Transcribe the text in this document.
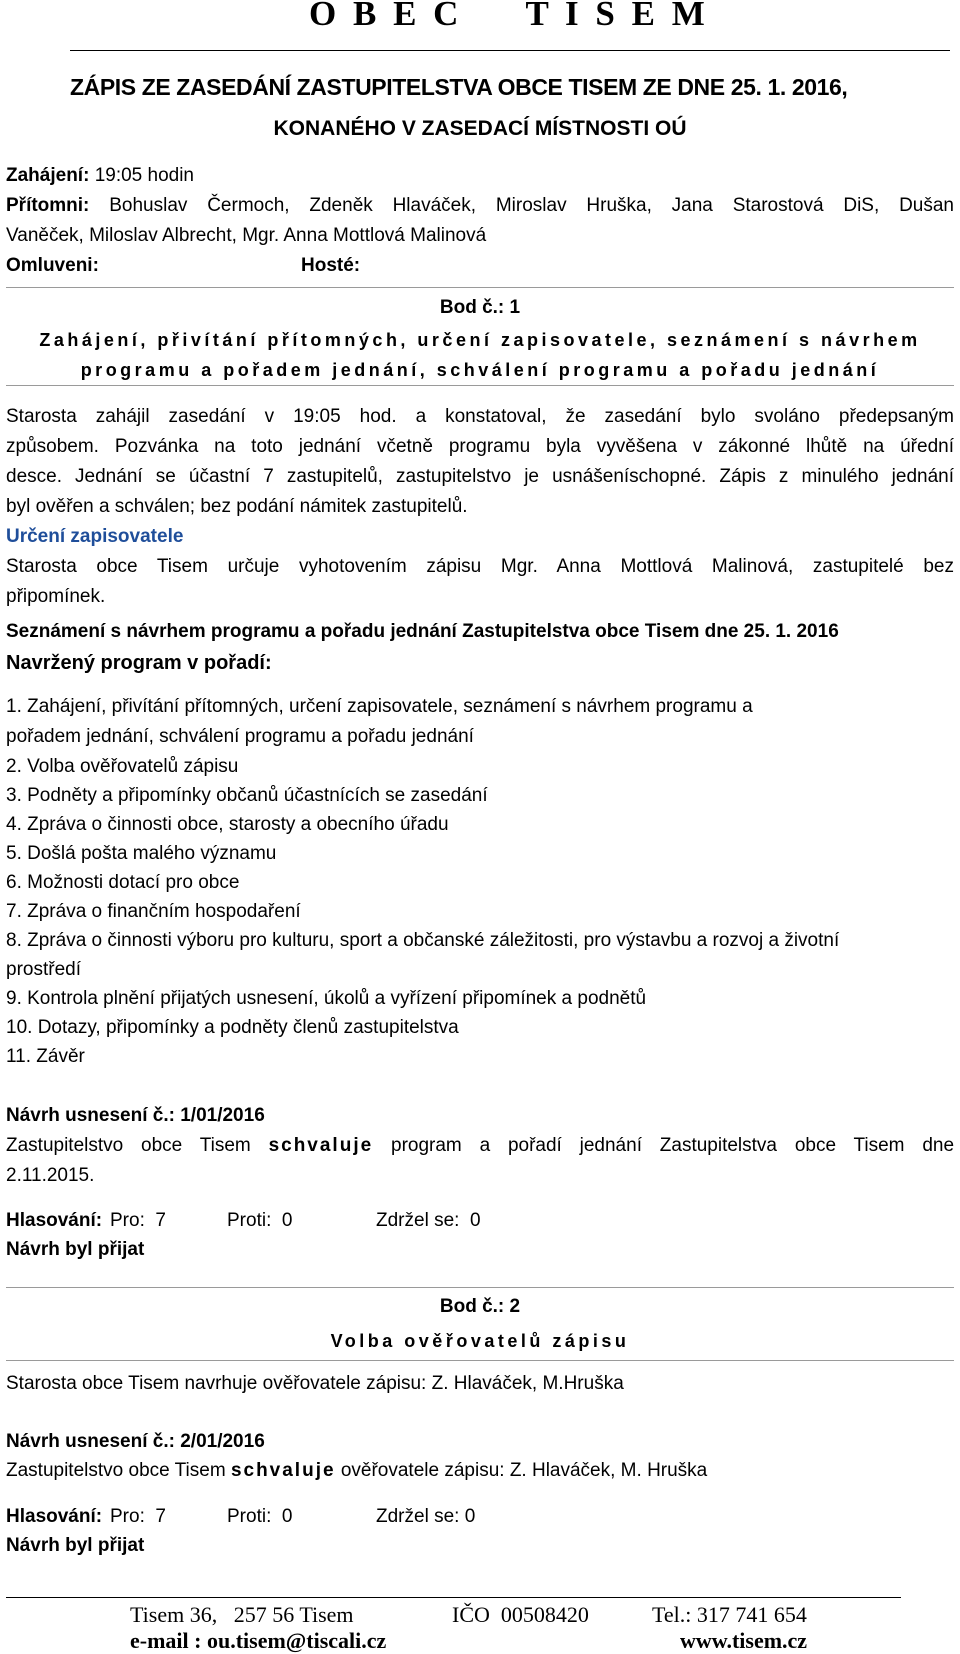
O B E C     T I S E M
ZÁPIS ZE ZASEDÁNÍ ZASTUPITELSTVA OBCE TISEM ZE DNE 25. 1. 2016,
KONANÉHO V ZASEDACÍ MÍSTNOSTI OÚ
Zahájení: 19:05 hodin
Přítomni: Bohuslav Čermoch, Zdeněk Hlaváček, Miroslav Hruška, Jana Starostová DiS, Dušan
Vaněček, Miloslav Albrecht, Mgr. Anna Mottlová Malinová
Omluveni:	Hosté:
Bod č.: 1
Zahájení, přivítání přítomných, určení zapisovatele, seznámení s návrhem
programu a pořadem jednání, schválení programu a pořadu jednání
Starosta zahájil zasedání v 19:05 hod. a konstatoval, že zasedání bylo svoláno předepsaným
způsobem. Pozvánka na toto jednání včetně programu byla vyvěšena v zákonné lhůtě na úřední
desce. Jednání se účastní 7 zastupitelů, zastupitelstvo je usnášeníschopné. Zápis z minulého jednání
byl ověřen a schválen; bez podání námitek zastupitelů.
Určení zapisovatele
Starosta obce Tisem určuje vyhotovením zápisu Mgr. Anna Mottlová Malinová, zastupitelé bez
připomínek.
Seznámení s návrhem programu a pořadu jednání Zastupitelstva obce Tisem dne 25. 1. 2016
Navržený program v pořadí:
1. Zahájení, přivítání přítomných, určení zapisovatele, seznámení s návrhem programu a
pořadem jednání, schválení programu a pořadu jednání
2. Volba ověřovatelů zápisu
3. Podněty a připomínky občanů účastnících se zasedání
4. Zpráva o činnosti obce, starosty a obecního úřadu
5. Došlá pošta malého významu
6. Možnosti dotací pro obce
7. Zpráva o finančním hospodaření
8. Zpráva o činnosti výboru pro kulturu, sport a občanské záležitosti, pro výstavbu a rozvoj a životní
prostředí
9. Kontrola plnění přijatých usnesení, úkolů a vyřízení připomínek a podnětů
10. Dotazy, připomínky a podněty členů zastupitelstva
11. Závěr
Návrh usnesení č.: 1/01/2016
Zastupitelstvo obce Tisem schvaluje program a pořadí jednání Zastupitelstva obce Tisem dne
2.11.2015.
Hlasování: Pro:  7	Proti:  0	Zdržel se:  0
Návrh byl přijat
Bod č.: 2
Volba ověřovatelů zápisu
Starosta obce Tisem navrhuje ověřovatele zápisu: Z. Hlaváček, M.Hruška
Návrh usnesení č.: 2/01/2016
Zastupitelstvo obce Tisem schvaluje ověřovatele zápisu: Z. Hlaváček, M. Hruška
Hlasování: Pro:  7	Proti:  0	Zdržel se: 0
Návrh byl přijat
Tisem 36,   257 56 Tisem	IČO  00508420	Tel.: 317 741 654
e-mail : ou.tisem@tiscali.cz	www.tisem.cz
